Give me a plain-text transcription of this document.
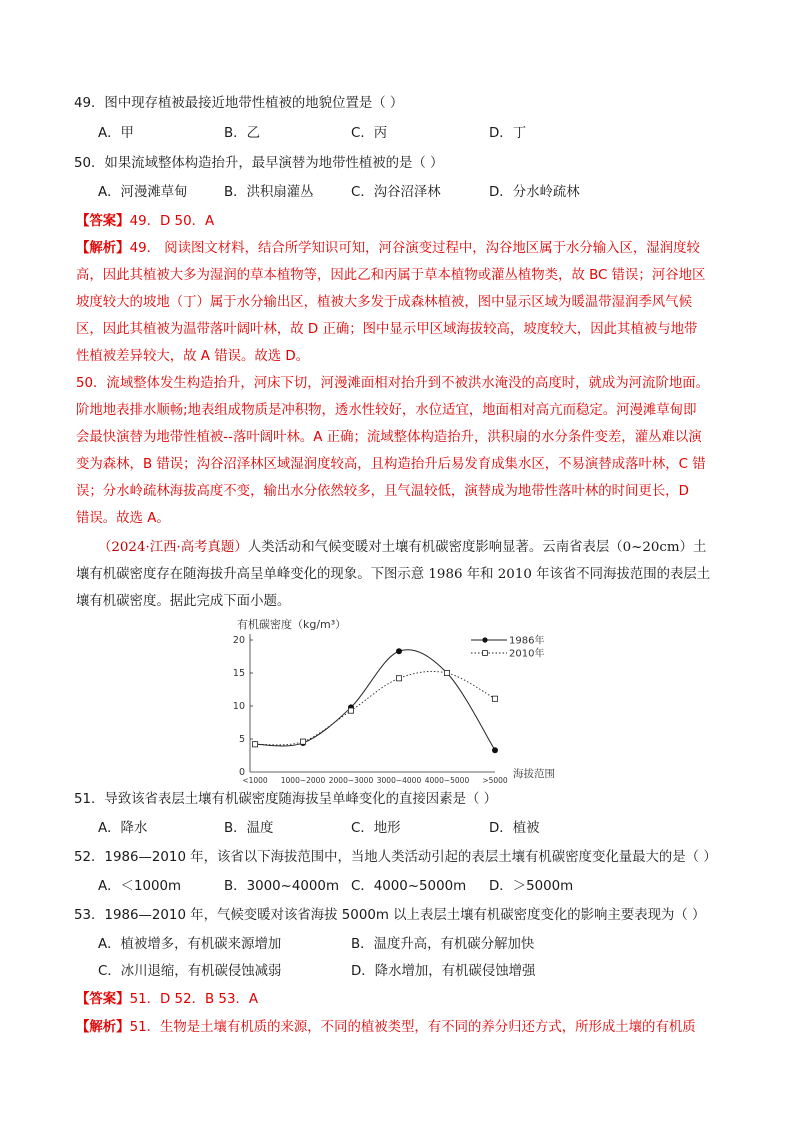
49．图中现存植被最接近地带性植被的地貌位置是（ ）
A．甲	B．乙	C．丙	D．丁
50．如果流域整体构造抬升，最早演替为地带性植被的是（ ）
A．河漫滩草甸	B．洪积扇灌丛	C．沟谷沼泽林	D．分水岭疏林
【答案】49．D 50．A
【解析】49． 阅读图文材料，结合所学知识可知，河谷演变过程中，沟谷地区属于水分输入区，湿润度较
高，因此其植被大多为湿润的草本植物等，因此乙和丙属于草本植物或灌丛植物类，故 BC 错误；河谷地区
坡度较大的坡地（丁）属于水分输出区，植被大多发于成森林植被，图中显示区域为暖温带湿润季风气候
区，因此其植被为温带落叶阔叶林，故 D 正确；图中显示甲区域海拔较高，坡度较大，因此其植被与地带
性植被差异较大，故 A 错误。故选 D。
50．流域整体发生构造抬升，河床下切，河漫滩面相对抬升到不被洪水淹没的高度时，就成为河流阶地面。
阶地地表排水顺畅;地表组成物质是冲积物，透水性较好，水位适宜，地面相对高亢而稳定。河漫滩草甸即
会最快演替为地带性植被--落叶阔叶林。A 正确；流域整体构造抬升，洪积扇的水分条件变差，灌丛难以演
变为森林，B 错误；沟谷沼泽林区域湿润度较高，且构造抬升后易发育成集水区，不易演替成落叶林，C 错
误；分水岭疏林海拔高度不变，输出水分依然较多，且气温较低，演替成为地带性落叶林的时间更长，D
错误。故选 A。
（2024·江西·高考真题）人类活动和气候变暖对土壤有机碳密度影响显著。云南省表层（0~20cm）土
壤有机碳密度存在随海拔升高呈单峰变化的现象。下图示意 1986 年和 2010 年该省不同海拔范围的表层土
壤有机碳密度。据此完成下面小题。
有机碳密度（kg/m³）
海拔范围
0
5
10
15
20
<1000 1000~2000 2000~3000 3000~4000 4000~5000 >5000
1986年
2010年
51．导致该省表层土壤有机碳密度随海拔呈单峰变化的直接因素是（ ）
A．降水	B．温度	C．地形	D．植被
52．1986—2010 年，该省以下海拔范围中，当地人类活动引起的表层土壤有机碳密度变化量最大的是（ ）
A．＜1000m	B．3000~4000m C．4000~5000m D．＞5000m
53．1986—2010 年，气候变暖对该省海拔 5000m 以上表层土壤有机碳密度变化的影响主要表现为（ ）
A．植被增多，有机碳来源增加	B．温度升高，有机碳分解加快
C．冰川退缩，有机碳侵蚀减弱	D．降水增加，有机碳侵蚀增强
【答案】51．D 52．B 53．A
【解析】51．生物是土壤有机质的来源，不同的植被类型，有不同的养分归还方式，所形成土壤的有机质
